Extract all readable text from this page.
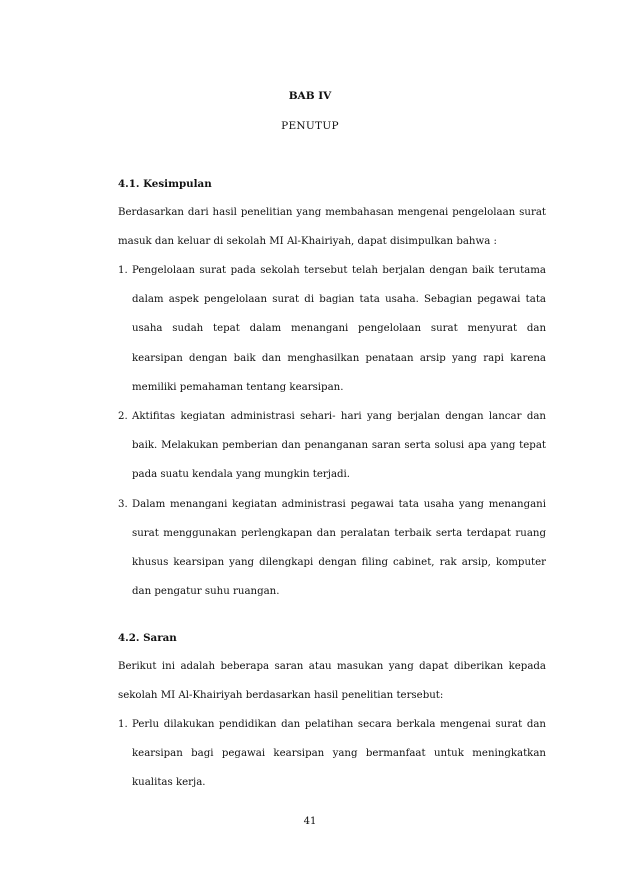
BAB IV
PENUTUP
4.1. Kesimpulan

Berdasarkan dari hasil penelitian yang membahasan mengenai pengelolaan surat masuk dan keluar di sekolah MI Al-Khairiyah, dapat disimpulkan bahwa :

1. Pengelolaan surat pada sekolah tersebut telah berjalan dengan baik terutama dalam aspek pengelolaan surat di bagian tata usaha. Sebagian pegawai tata usaha sudah tepat dalam menangani pengelolaan surat menyurat dan kearsipan dengan baik dan menghasilkan penataan arsip yang rapi karena memiliki pemahaman tentang kearsipan.

2. Aktifitas kegiatan administrasi sehari- hari yang berjalan dengan lancar dan baik. Melakukan pemberian dan penanganan saran serta solusi apa yang tepat pada suatu kendala yang mungkin terjadi.

3. Dalam menangani kegiatan administrasi pegawai tata usaha yang menangani surat menggunakan perlengkapan dan peralatan terbaik serta terdapat ruang khusus kearsipan yang dilengkapi dengan filing cabinet, rak arsip, komputer dan pengatur suhu ruangan.

4.2. Saran

Berikut ini adalah beberapa saran atau masukan yang dapat diberikan kepada sekolah MI Al-Khairiyah berdasarkan hasil penelitian tersebut:

1. Perlu dilakukan pendidikan dan pelatihan secara berkala mengenai surat dan kearsipan bagi pegawai kearsipan yang bermanfaat untuk meningkatkan kualitas kerja.

41
